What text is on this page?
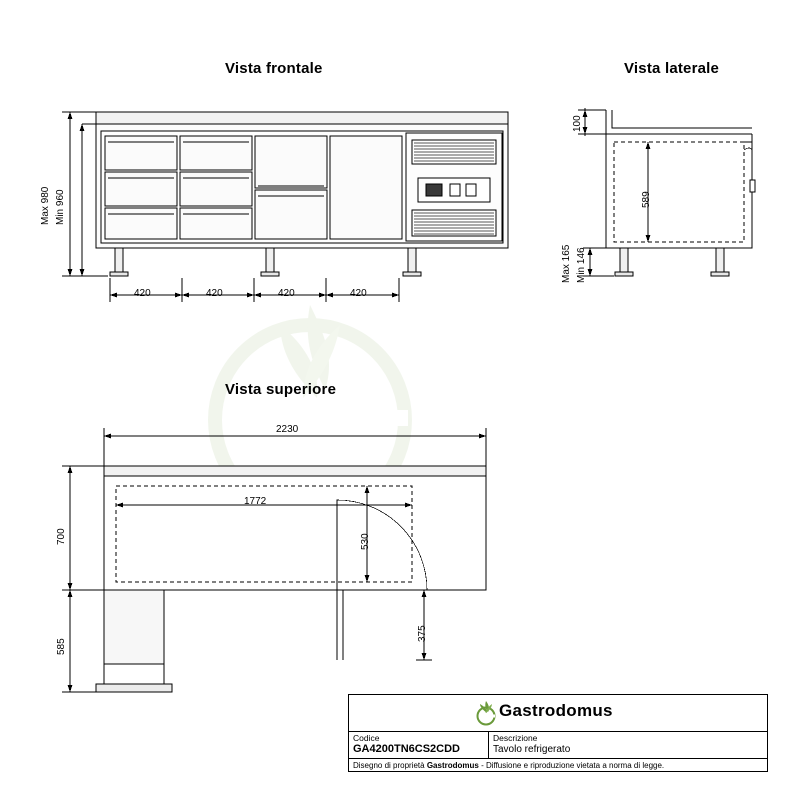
Vista frontale	Vista laterale
Vista superiore
Max 980 Min 960
420	420	420	420
100
589
Max 165 Min 146
2230
1772
530
375
700
585
Gastrodomus
Codice
GA4200TN6CS2CDD
Descrizione
Tavolo refrigerato
Disegno di proprietà Gastrodomus - Diffusione e riproduzione vietata a norma di legge.
